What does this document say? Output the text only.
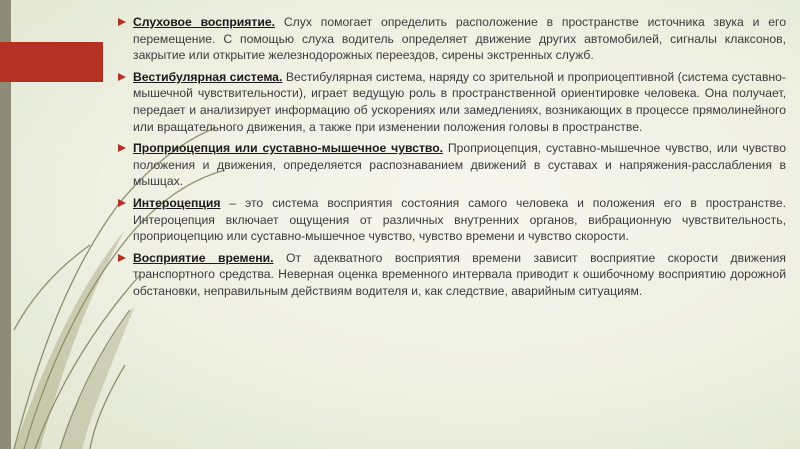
Слуховое восприятие. Слух помогает определить расположение в пространстве источника звука и его перемещение. С помощью слуха водитель определяет движение других автомобилей, сигналы клаксонов, закрытие или открытие железнодорожных переездов, сирены экстренных служб.
Вестибулярная система. Вестибулярная система, наряду со зрительной и проприоцептивной (система суставно-мышечной чувствительности), играет ведущую роль в пространственной ориентировке человека. Она получает, передает и анализирует информацию об ускорениях или замедлениях, возникающих в процессе прямолинейного или вращательного движения, а также при изменении положения головы в пространстве.
Проприоцепция или суставно-мышечное чувство. Проприоцепция, суставно-мышечное чувство, или чувство положения и движения, определяется распознаванием движений в суставах и напряжения-расслабления в мышцах.
Интероцепция – это система восприятия состояния самого человека и положения его в пространстве. Интероцепция включает ощущения от различных внутренних органов, вибрационную чувствительность, проприоцепцию или суставно-мышечное чувство, чувство времени и чувство скорости.
Восприятие времени. От адекватного восприятия времени зависит восприятие скорости движения транспортного средства. Неверная оценка временного интервала приводит к ошибочному восприятию дорожной обстановки, неправильным действиям водителя и, как следствие, аварийным ситуациям.
